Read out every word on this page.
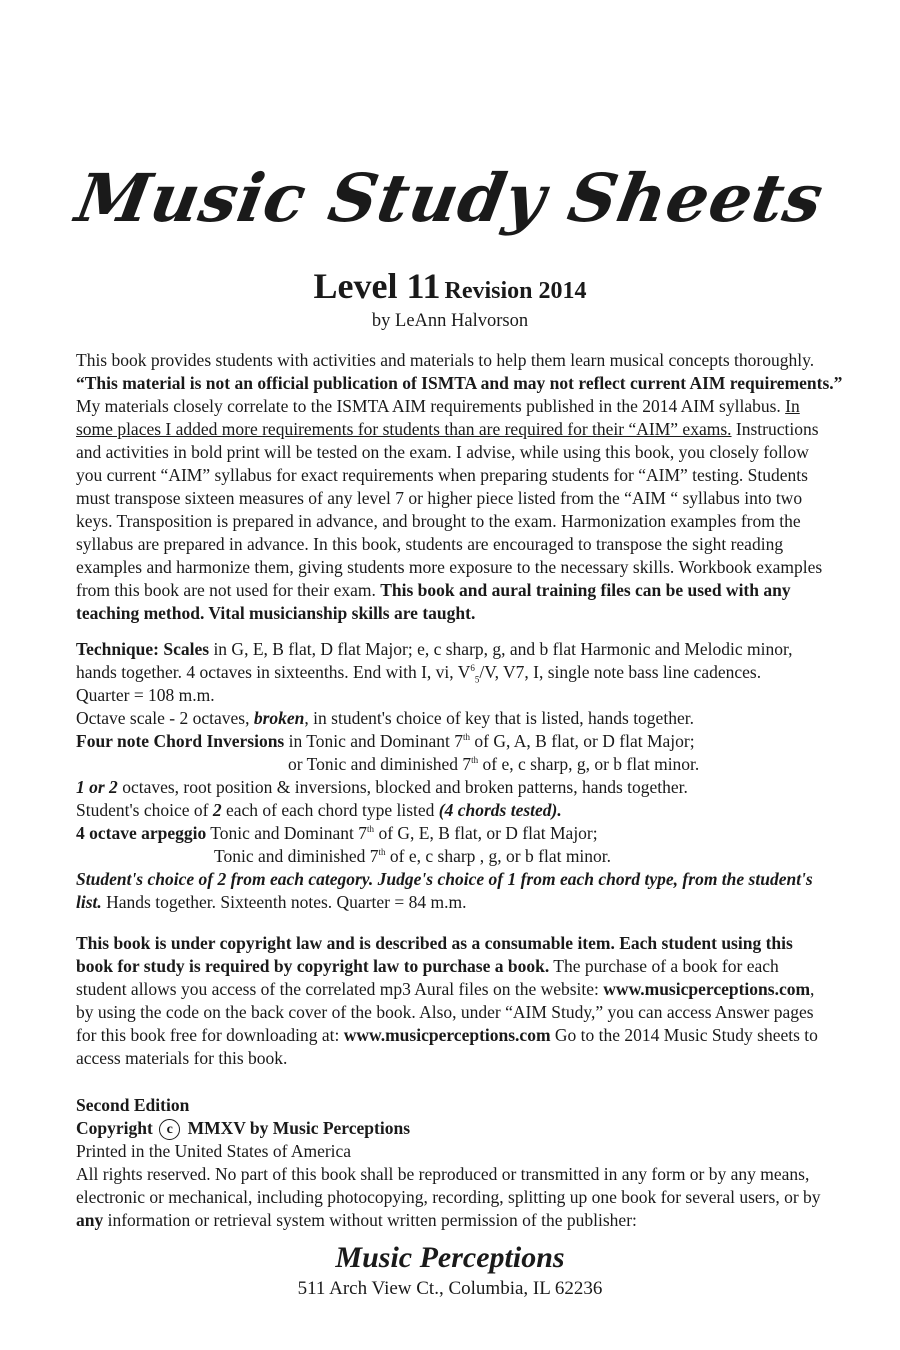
Music Study Sheets
Level 11 Revision 2014
by LeAnn Halvorson

This book provides students with activities and materials to help them learn musical concepts thoroughly.

“This material is not an official publication of ISMTA and may not reflect current AIM requirements.”

My materials closely correlate to the ISMTA AIM requirements published in the 2014 AIM syllabus. In

some places I added more requirements for students than are required for their “AIM” exams. Instructions

and activities in bold print will be tested on the exam. I advise, while using this book, you closely follow

you current “AIM” syllabus for exact requirements when preparing students for “AIM” testing. Students

must transpose sixteen measures of any level 7 or higher piece listed from the “AIM “ syllabus into two

keys. Transposition is prepared in advance, and brought to the exam. Harmonization examples from the

syllabus are prepared in advance. In this book, students are encouraged to transpose the sight reading

examples and harmonize them, giving students more exposure to the necessary skills. Workbook examples

from this book are not used for their exam. This book and aural training files can be used with any

teaching method. Vital musicianship skills are taught.

Technique: Scales in G, E, B flat, D flat Major; e, c sharp, g, and b flat Harmonic and Melodic minor,

hands together. 4 octaves in sixteenths. End with I, vi, $V^6_5/V$, V7, I, single note bass line cadences.

Quarter = 108 m.m.

Octave scale - 2 octaves, broken, in student's choice of key that is listed, hands together.

Four note Chord Inversions in Tonic and Dominant 7th of G, A, B flat, or D flat Major;

or Tonic and diminished 7th of e, c sharp, g, or b flat minor.

1 or 2 octaves, root position & inversions, blocked and broken patterns, hands together.

Student's choice of 2 each of each chord type listed (4 chords tested).

4 octave arpeggio Tonic and Dominant 7th of G, E, B flat, or D flat Major;

Tonic and diminished 7th of e, c sharp , g, or b flat minor.

Student's choice of 2 from each category. Judge's choice of 1 from each chord type, from the student's

list. Hands together. Sixteenth notes. Quarter = 84 m.m.

This book is under copyright law and is described as a consumable item. Each student using this

book for study is required by copyright law to purchase a book. The purchase of a book for each

student allows you access of the correlated mp3 Aural files on the website: www.musicperceptions.com,

by using the code on the back cover of the book. Also, under “AIM Study,” you can access Answer pages

for this book free for downloading at: www.musicperceptions.com Go to the 2014 Music Study sheets to

access materials for this book.

Second Edition

Copyright c MMXV by Music Perceptions

Printed in the United States of America

All rights reserved. No part of this book shall be reproduced or transmitted in any form or by any means,

electronic or mechanical, including photocopying, recording, splitting up one book for several users, or by

any information or retrieval system without written permission of the publisher:

Music Perceptions
511 Arch View Ct., Columbia, IL 62236
